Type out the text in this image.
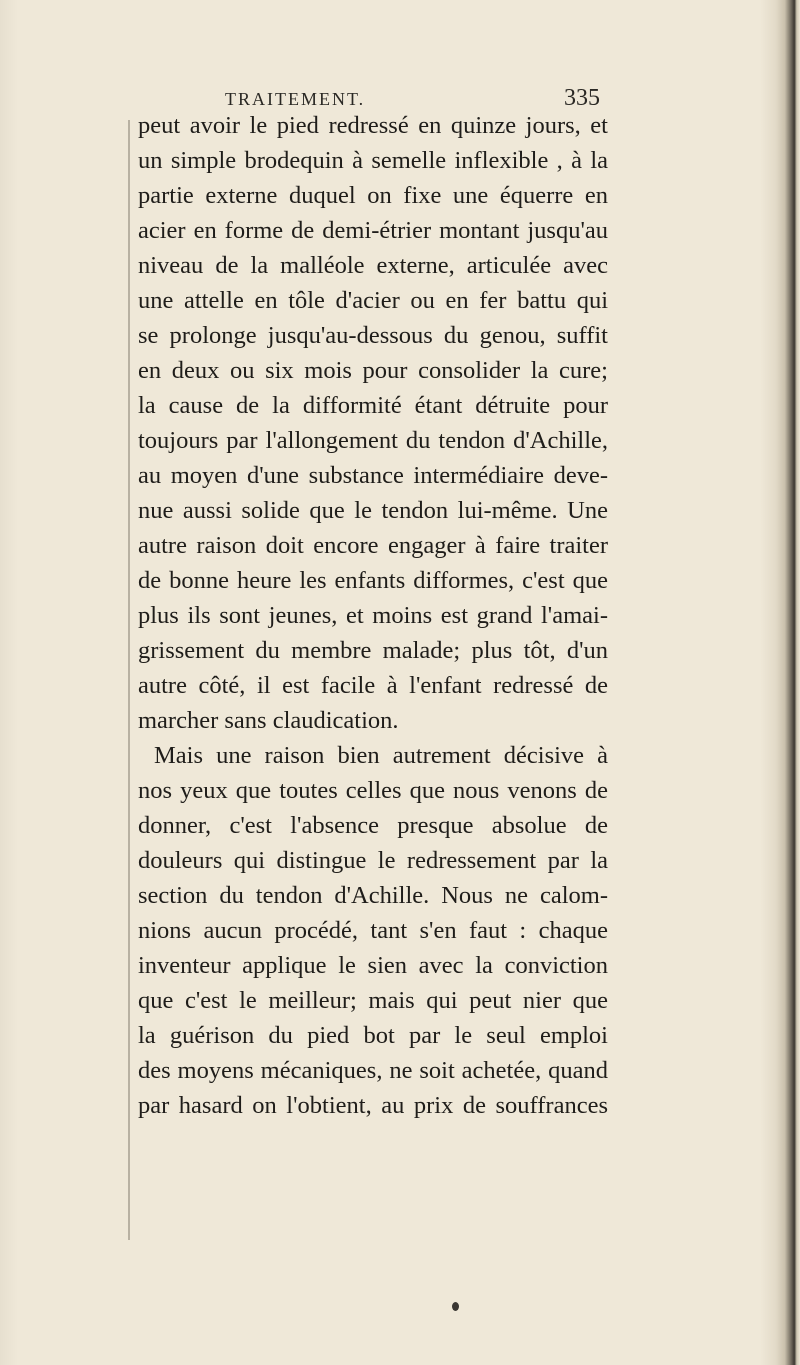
TRAITEMENT.	335
peut avoir le pied redressé en quinze jours, et
un simple brodequin à semelle inflexible , à la
partie externe duquel on fixe une équerre en
acier en forme de demi-étrier montant jusqu'au
niveau de la malléole externe, articulée avec
une attelle en tôle d'acier ou en fer battu qui
se prolonge jusqu'au-dessous du genou, suffit
en deux ou six mois pour consolider la cure;
la cause de la difformité étant détruite pour
toujours par l'allongement du tendon d'Achille,
au moyen d'une substance intermédiaire deve-
nue aussi solide que le tendon lui-même. Une
autre raison doit encore engager à faire traiter
de bonne heure les enfants difformes, c'est que
plus ils sont jeunes, et moins est grand l'amai-
grissement du membre malade; plus tôt, d'un
autre côté, il est facile à l'enfant redressé de
marcher sans claudication.
Mais une raison bien autrement décisive à
nos yeux que toutes celles que nous venons de
donner, c'est l'absence presque absolue de
douleurs qui distingue le redressement par la
section du tendon d'Achille. Nous ne calom-
nions aucun procédé, tant s'en faut : chaque
inventeur applique le sien avec la conviction
que c'est le meilleur; mais qui peut nier que
la guérison du pied bot par le seul emploi
des moyens mécaniques, ne soit achetée, quand
par hasard on l'obtient, au prix de souffrances
